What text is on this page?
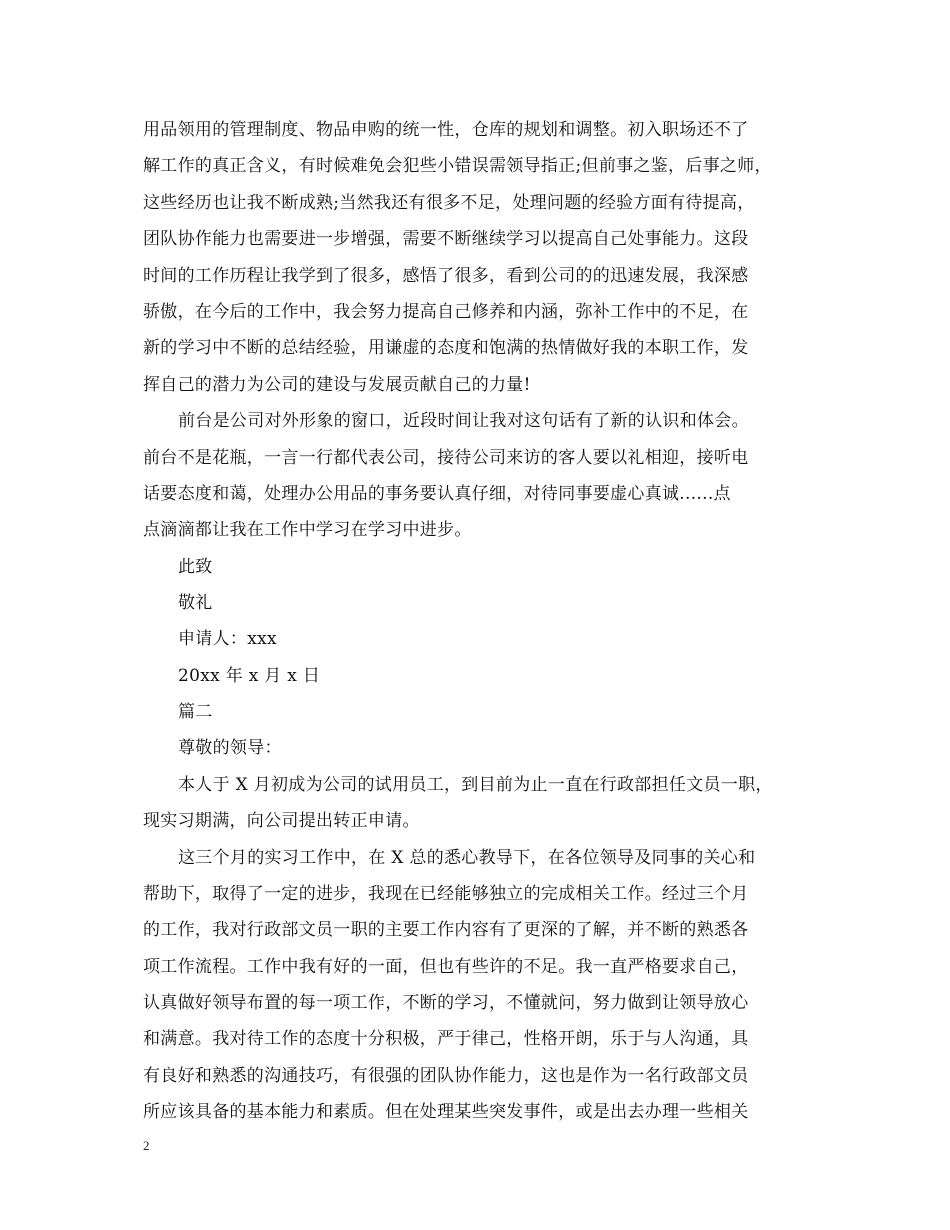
用品领用的管理制度、物品申购的统一性，仓库的规划和调整。初入职场还不了
解工作的真正含义，有时候难免会犯些小错误需领导指正;但前事之鉴，后事之师，
这些经历也让我不断成熟;当然我还有很多不足，处理问题的经验方面有待提高，
团队协作能力也需要进一步增强，需要不断继续学习以提高自己处事能力。这段
时间的工作历程让我学到了很多，感悟了很多，看到公司的的迅速发展，我深感
骄傲，在今后的工作中，我会努力提高自己修养和内涵，弥补工作中的不足，在
新的学习中不断的总结经验，用谦虚的态度和饱满的热情做好我的本职工作，发
挥自己的潜力为公司的建设与发展贡献自己的力量!
前台是公司对外形象的窗口，近段时间让我对这句话有了新的认识和体会。
前台不是花瓶，一言一行都代表公司，接待公司来访的客人要以礼相迎，接听电
话要态度和蔼，处理办公用品的事务要认真仔细，对待同事要虚心真诚......点
点滴滴都让我在工作中学习在学习中进步。
此致
敬礼
申请人：xxx
20xx 年 x 月 x 日
篇二
尊敬的领导：
本人于 X 月初成为公司的试用员工，到目前为止一直在行政部担任文员一职，
现实习期满，向公司提出转正申请。
这三个月的实习工作中，在 X 总的悉心教导下，在各位领导及同事的关心和
帮助下，取得了一定的进步，我现在已经能够独立的完成相关工作。经过三个月
的工作，我对行政部文员一职的主要工作内容有了更深的了解，并不断的熟悉各
项工作流程。工作中我有好的一面，但也有些许的不足。我一直严格要求自己，
认真做好领导布置的每一项工作，不断的学习，不懂就问，努力做到让领导放心
和满意。我对待工作的态度十分积极，严于律己，性格开朗，乐于与人沟通，具
有良好和熟悉的沟通技巧，有很强的团队协作能力，这也是作为一名行政部文员
所应该具备的基本能力和素质。但在处理某些突发事件，或是出去办理一些相关
2
